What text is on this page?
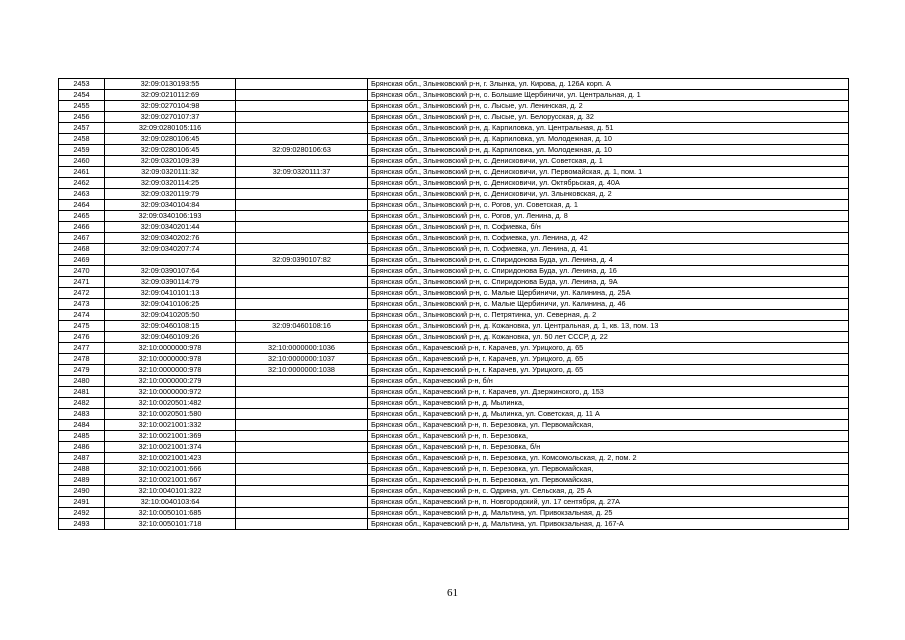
2453	32:09:0130193:55		Брянская обл., Злынковский р-н, г. Злынка, ул. Кирова, д. 126А корп. А
2454	32:09:0210112:69		Брянская обл., Злынковский р-н, с. Большие Щербиничи, ул. Центральная, д. 1
2455	32:09:0270104:98		Брянская обл., Злынковский р-н, с. Лысые, ул. Ленинская, д. 2
2456	32:09:0270107:37		Брянская обл., Злынковский р-н, с. Лысые, ул. Белорусская, д. 32
2457	32:09:0280105:116		Брянская обл., Злынковский р-н, д. Карпиловка, ул. Центральная, д. 51
2458	32:09:0280106:45		Брянская обл., Злынковский р-н, д. Карпиловка, ул. Молодежная, д. 10
2459	32:09:0280106:45	32:09:0280106:63	Брянская обл., Злынковский р-н, д. Карпиловка, ул. Молодежная, д. 10
2460	32:09:0320109:39		Брянская обл., Злынковский р-н, с. Денисковичи, ул. Советская, д. 1
2461	32:09:0320111:32	32:09:0320111:37	Брянская обл., Злынковский р-н, с. Денисковичи, ул. Первомайская, д. 1, пом. 1
2462	32:09:0320114:25		Брянская обл., Злынковский р-н, с. Денисковичи, ул. Октябрьская, д. 40А
2463	32:09:0320119:79		Брянская обл., Злынковский р-н, с. Денисковичи, ул. Злынковская, д. 2
2464	32:09:0340104:84		Брянская обл., Злынковский р-н, с. Рогов, ул. Советская, д. 1
2465	32:09:0340106:193		Брянская обл., Злынковский р-н, с. Рогов, ул. Ленина, д. 8
2466	32:09:0340201:44		Брянская обл., Злынковский р-н, п. Софиевка, б/н
2467	32:09:0340202:76		Брянская обл., Злынковский р-н, п. Софиевка, ул. Ленина, д. 42
2468	32:09:0340207:74		Брянская обл., Злынковский р-н, п. Софиевка, ул. Ленина, д. 41
2469		32:09:0390107:82	Брянская обл., Злынковский р-н, с. Спиридонова Буда, ул. Ленина, д. 4
2470	32:09:0390107:64		Брянская обл., Злынковский р-н, с. Спиридонова Буда, ул. Ленина, д. 16
2471	32:09:0390114:79		Брянская обл., Злынковский р-н, с. Спиридонова Буда, ул. Ленина, д. 9А
2472	32:09:0410101:13		Брянская обл., Злынковский р-н, с. Малые Щербиничи, ул. Калинина, д. 25А
2473	32:09:0410106:25		Брянская обл., Злынковский р-н, с. Малые Щербиничи, ул. Калинина, д. 46
2474	32:09:0410205:50		Брянская обл., Злынковский р-н, с. Петрятинка, ул. Северная, д. 2
2475	32:09:0460108:15	32:09:0460108:16	Брянская обл., Злынковский р-н, д. Кожановка, ул. Центральная, д. 1, кв. 13, пом. 13
2476	32:09:0460109:26		Брянская обл., Злынковский р-н, д. Кожановка, ул. 50 лет СССР, д. 22
2477	32:10:0000000:978	32:10:0000000:1036	Брянская обл., Карачевский р-н, г. Карачев, ул. Урицкого, д. 65
2478	32:10:0000000:978	32:10:0000000:1037	Брянская обл., Карачевский р-н, г. Карачев, ул. Урицкого, д. 65
2479	32:10:0000000:978	32:10:0000000:1038	Брянская обл., Карачевский р-н, г. Карачев, ул. Урицкого, д. 65
2480	32:10:0000000:279		Брянская обл., Карачевский р-н, б/н
2481	32:10:0000000:972		Брянская обл., Карачевский р-н, г. Карачев, ул. Дзержинского, д. 153
2482	32:10:0020501:482		Брянская обл., Карачевский р-н, д. Мылинка,
2483	32:10:0020501:580		Брянская обл., Карачевский р-н, д. Мылинка, ул. Советская, д. 11 А
2484	32:10:0021001:332		Брянская обл., Карачевский р-н, п. Березовка, ул. Первомайская,
2485	32:10:0021001:369		Брянская обл., Карачевский р-н, п. Березовка,
2486	32:10:0021001:374		Брянская обл., Карачевский р-н, п. Березовка, б/н
2487	32:10:0021001:423		Брянская обл., Карачевский р-н, п. Березовка, ул. Комсомольская, д. 2, пом. 2
2488	32:10:0021001:666		Брянская обл., Карачевский р-н, п. Березовка, ул. Первомайская,
2489	32:10:0021001:667		Брянская обл., Карачевский р-н, п. Березовка, ул. Первомайская,
2490	32:10:0040101:322		Брянская обл., Карачевский р-н, с. Одрина, ул. Сельская, д. 25 А
2491	32:10:0040103:64		Брянская обл., Карачевский р-н, п. Новгородский, ул. 17 сентября, д. 27А
2492	32:10:0050101:685		Брянская обл., Карачевский р-н, д. Мальтина, ул. Привокзальная, д. 25
2493	32:10:0050101:718		Брянская обл., Карачевский р-н, д. Мальтина, ул. Привокзальная, д. 167-А
61
